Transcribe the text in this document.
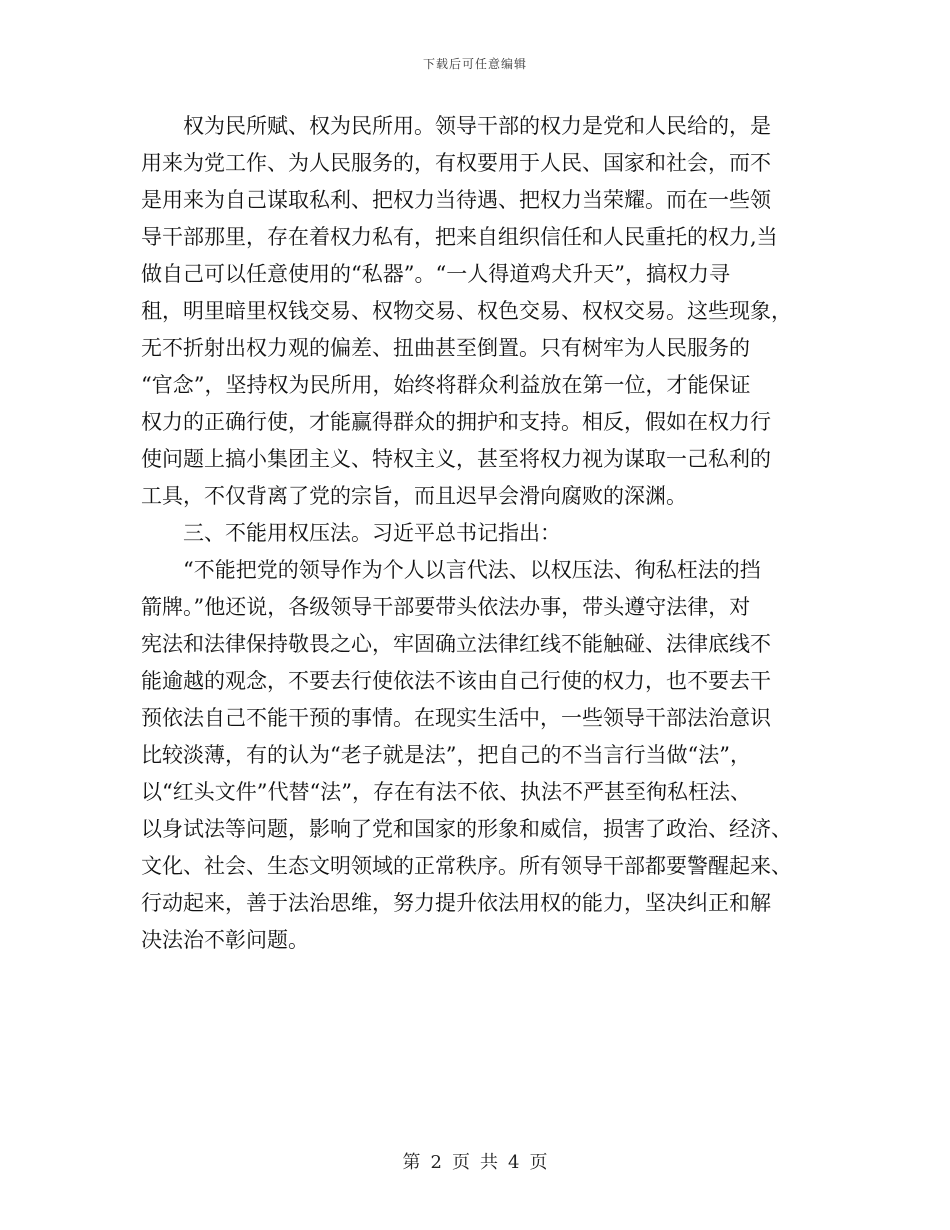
下载后可任意编辑
　　权为民所赋、权为民所用。领导干部的权力是党和人民给的，是
用来为党工作、为人民服务的，有权要用于人民、国家和社会，而不
是用来为自己谋取私利、把权力当待遇、把权力当荣耀。而在一些领
导干部那里，存在着权力私有，把来自组织信任和人民重托的权力,当
做自己可以任意使用的“私器”。“一人得道鸡犬升天”，搞权力寻
租，明里暗里权钱交易、权物交易、权色交易、权权交易。这些现象，
无不折射出权力观的偏差、扭曲甚至倒置。只有树牢为人民服务的
“官念”，坚持权为民所用，始终将群众利益放在第一位，才能保证
权力的正确行使，才能赢得群众的拥护和支持。相反，假如在权力行
使问题上搞小集团主义、特权主义，甚至将权力视为谋取一己私利的
工具，不仅背离了党的宗旨，而且迟早会滑向腐败的深渊。
　　三、不能用权压法。习近平总书记指出：
　　“不能把党的领导作为个人以言代法、以权压法、徇私枉法的挡
箭牌。”他还说，各级领导干部要带头依法办事，带头遵守法律，对
宪法和法律保持敬畏之心，牢固确立法律红线不能触碰、法律底线不
能逾越的观念，不要去行使依法不该由自己行使的权力，也不要去干
预依法自己不能干预的事情。在现实生活中，一些领导干部法治意识
比较淡薄，有的认为“老子就是法”，把自己的不当言行当做“法”，
以“红头文件”代替“法”，存在有法不依、执法不严甚至徇私枉法、
以身试法等问题，影响了党和国家的形象和威信，损害了政治、经济、
文化、社会、生态文明领域的正常秩序。所有领导干部都要警醒起来、
行动起来，善于法治思维，努力提升依法用权的能力，坚决纠正和解
决法治不彰问题。
第 2 页 共 4 页
